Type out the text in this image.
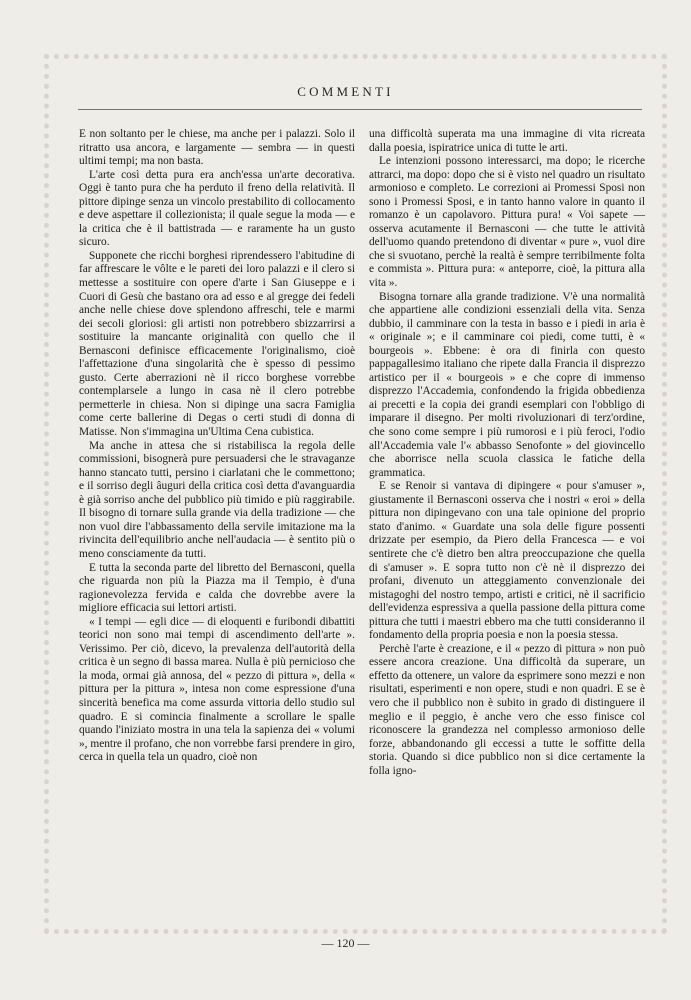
COMMENTI

E non soltanto per le chiese, ma anche per i palazzi. Solo il ritratto usa ancora, e largamente — sembra — in questi ultimi tempi; ma non basta.

L'arte così detta pura era anch'essa un'arte decorativa. Oggi è tanto pura che ha perduto il freno della relatività. Il pittore dipinge senza un vincolo prestabilito di collocamento e deve aspettare il collezionista; il quale segue la moda — e la critica che è il battistrada — e raramente ha un gusto sicuro.

Supponete che ricchi borghesi riprendessero l'abitudine di far affrescare le vôlte e le pareti dei loro palazzi e il clero si mettesse a sostituire con opere d'arte i San Giuseppe e i Cuori di Gesù che bastano ora ad esso e al gregge dei fedeli anche nelle chiese dove splendono affreschi, tele e marmi dei secoli gloriosi: gli artisti non potrebbero sbizzarrirsi a sostituire la mancante originalità con quello che il Bernasconi definisce efficacemente l'originalismo, cioè l'affettazione d'una singolarità che è spesso di pessimo gusto. Certe aberrazioni nè il ricco borghese vorrebbe contemplarsele a lungo in casa nè il clero potrebbe permetterle in chiesa. Non si dipinge una sacra Famiglia come certe ballerine di Degas o certi studi di donna di Matisse. Non s'immagina un'Ultima Cena cubistica.

Ma anche in attesa che si ristabilisca la regola delle commissioni, bisognerà pure persuadersi che le stravaganze hanno stancato tutti, persino i ciarlatani che le commettono; e il sorriso degli âuguri della critica così detta d'avanguardia è già sorriso anche del pubblico più timido e più raggirabile. Il bisogno di tornare sulla grande via della tradizione — che non vuol dire l'abbassamento della servile imitazione ma la rivincita dell'equilibrio anche nell'audacia — è sentito più o meno consciamente da tutti.

E tutta la seconda parte del libretto del Bernasconi, quella che riguarda non più la Piazza ma il Tempio, è d'una ragionevolezza fervida e calda che dovrebbe avere la migliore efficacia sui lettori artisti.

« I tempi — egli dice — di eloquenti e furibondi dibattiti teorici non sono mai tempi di ascendimento dell'arte ». Verissimo. Per ciò, dicevo, la prevalenza dell'autorità della critica è un segno di bassa marea. Nulla è più pernicioso che la moda, ormai già annosa, del « pezzo di pittura », della « pittura per la pittura », intesa non come espressione d'una sincerità benefica ma come assurda vittoria dello studio sul quadro. E si comincia finalmente a scrollare le spalle quando l'iniziato mostra in una tela la sapienza dei « volumi », mentre il profano, che non vorrebbe farsi prendere in giro, cerca in quella tela un quadro, cioè non

una difficoltà superata ma una immagine di vita ricreata dalla poesia, ispiratrice unica di tutte le arti.

Le intenzioni possono interessarci, ma dopo; le ricerche attrarci, ma dopo: dopo che si è visto nel quadro un risultato armonioso e completo. Le correzioni ai Promessi Sposi non sono i Promessi Sposi, e in tanto hanno valore in quanto il romanzo è un capolavoro. Pittura pura! « Voi sapete — osserva acutamente il Bernasconi — che tutte le attività dell'uomo quando pretendono di diventar « pure », vuol dire che si svuotano, perchè la realtà è sempre terribilmente folta e commista ». Pittura pura: « anteporre, cioè, la pittura alla vita ».

Bisogna tornare alla grande tradizione. V'è una normalità che appartiene alle condizioni essenziali della vita. Senza dubbio, il camminare con la testa in basso e i piedi in aria è « originale »; e il camminare coi piedi, come tutti, è « bourgeois ». Ebbene: è ora di finirla con questo pappagallesimo italiano che ripete dalla Francia il disprezzo artistico per il « bourgeois » e che copre di immenso disprezzo l'Accademia, confondendo la frigida obbedienza ai precetti e la copia dei grandi esemplari con l'obbligo di imparare il disegno. Per molti rivoluzionari di terz'ordine, che sono come sempre i più rumorosi e i più feroci, l'odio all'Accademia vale l'« abbasso Senofonte » del giovincello che aborrisce nella scuola classica le fatiche della grammatica.

E se Renoir si vantava di dipingere « pour s'amuser », giustamente il Bernasconi osserva che i nostri « eroi » della pittura non dipingevano con una tale opinione del proprio stato d'animo. « Guardate una sola delle figure possenti drizzate per esempio, da Piero della Francesca — e voi sentirete che c'è dietro ben altra preoccupazione che quella di s'amuser ». E sopra tutto non c'è nè il disprezzo dei profani, divenuto un atteggiamento convenzionale dei mistagoghi del nostro tempo, artisti e critici, nè il sacrificio dell'evidenza espressiva a quella passione della pittura come pittura che tutti i maestri ebbero ma che tutti consideranno il fondamento della propria poesia e non la poesia stessa.

Perchè l'arte è creazione, e il « pezzo di pittura » non può essere ancora creazione. Una difficoltà da superare, un effetto da ottenere, un valore da esprimere sono mezzi e non risultati, esperimenti e non opere, studi e non quadri. E se è vero che il pubblico non è subito in grado di distinguere il meglio e il peggio, è anche vero che esso finisce col riconoscere la grandezza nel complesso armonioso delle forze, abbandonando gli eccessi a tutte le soffitte della storia. Quando si dice pubblico non si dice certamente la folla igno-

— 120 —
